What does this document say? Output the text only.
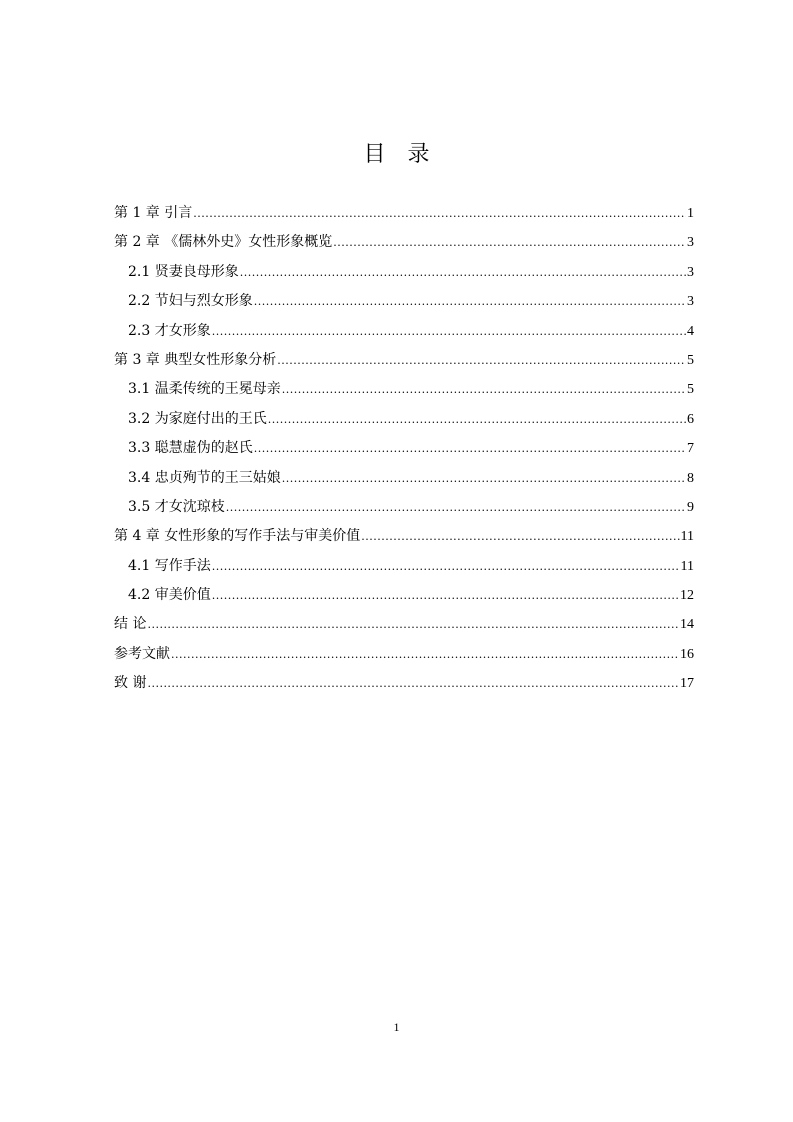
目 录
第 1 章 引言 .....	1
第 2 章 《儒林外史》女性形象概览 .....	3
2.1 贤妻良母形象 .....	3
2.2 节妇与烈女形象 .....	3
2.3 才女形象 .....	4
第 3 章 典型女性形象分析 .....	5
3.1 温柔传统的王冕母亲 .....	5
3.2 为家庭付出的王氏 .....	6
3.3 聪慧虚伪的赵氏 .....	7
3.4 忠贞殉节的王三姑娘 .....	8
3.5 才女沈琼枝 .....	9
第 4 章 女性形象的写作手法与审美价值 .....	11
4.1 写作手法 .....	11
4.2 审美价值 .....	12
结 论 .....	14
参考文献 .....	16
致 谢 .....	17
1
